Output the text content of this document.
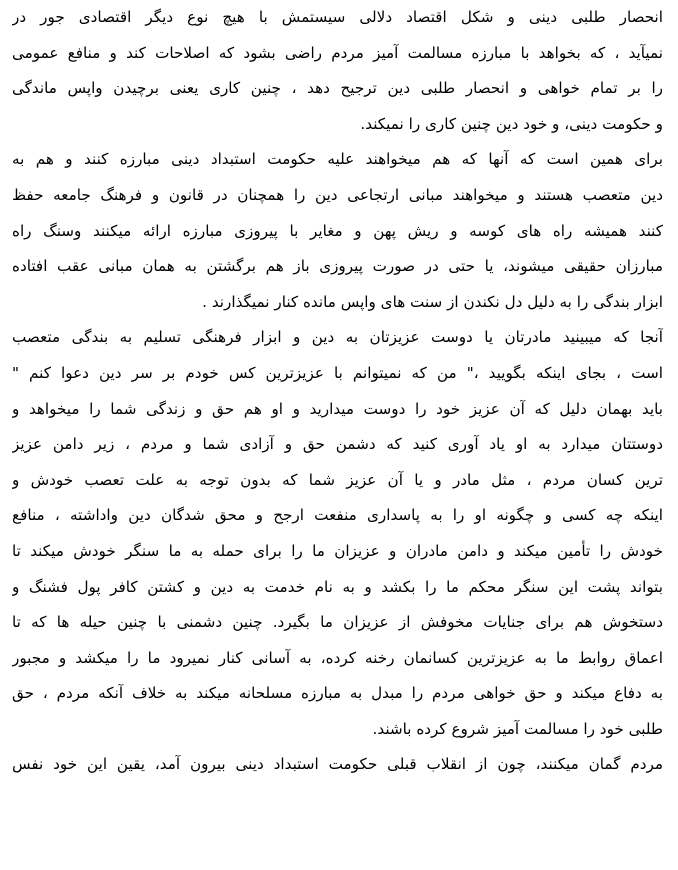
انحصار طلبی دینی و شکل اقتصاد دلالی سیستمش با هیچ نوع دیگر اقتصادی جور در
نمیآید ، که بخواهد با مبارزه مسالمت آمیز مردم راضی بشود که اصلاحات کند و منافع عمومی
را بر تمام خواهی و انحصار طلبی دین ترجیح دهد ، چنین کاری یعنی برچیدن واپس ماندگی
و حکومت دینی، و خود دین چنین کاری را نمیکند.
برای همین است که آنها که هم میخواهند علیه حکومت استبداد دینی مبارزه کنند و هم به
دین متعصب هستند و میخواهند مبانی ارتجاعی دین را همچنان در قانون و فرهنگ جامعه حفظ
کنند همیشه راه های کوسه و ریش پهن و مغایر با پیروزی مبارزه ارائه میکنند وسنگ راه
مبارزان حقیقی میشوند، یا حتی در صورت پیروزی باز هم برگشتن به همان مبانی عقب افتاده
ابزار بندگی را به دلیل دل نکندن از سنت های واپس مانده کنار نمیگذارند .
آنجا که میبینید مادرتان یا دوست عزیزتان به دین و ابزار فرهنگی تسلیم به بندگی متعصب
است ، بجای اینکه بگویید ،" من که نمیتوانم با عزیزترین کس خودم بر سر دین دعوا کنم "
باید بهمان دلیل که آن عزیز خود را دوست میدارید و او هم حق و زندگی شما را میخواهد و
دوستتان میدارد به او یاد آوری کنید که دشمن حق و آزادی شما و مردم ، زیر دامن عزیز
ترین کسان مردم ، مثل مادر و یا آن عزیز شما که بدون توجه به علت تعصب خودش و
اینکه چه کسی و چگونه او را به پاسداری منفعت ارجح و محق شدگان دین واداشته ، منافع
خودش را تأمین میکند و دامن مادران و عزیزان ما را برای حمله به ما سنگر خودش میکند تا
بتواند پشت این سنگر محکم ما را بکشد و به نام خدمت به دین و کشتن کافر پول فشنگ و
دستخوش هم برای جنایات مخوفش از عزیزان ما بگیرد. چنین دشمنی با چنین حیله ها که تا
اعماق روابط ما به عزیزترین کسانمان رخنه کرده، به آسانی کنار نمیرود ما را میکشد و مجبور
به دفاع میکند و حق خواهی مردم را مبدل به مبارزه مسلحانه میکند به خلاف آنکه مردم ، حق
طلبی خود را مسالمت آمیز شروع کرده باشند.
مردم گمان میکنند، چون از انقلاب قبلی حکومت استبداد دینی بیرون آمد، یقین این خود نفس
